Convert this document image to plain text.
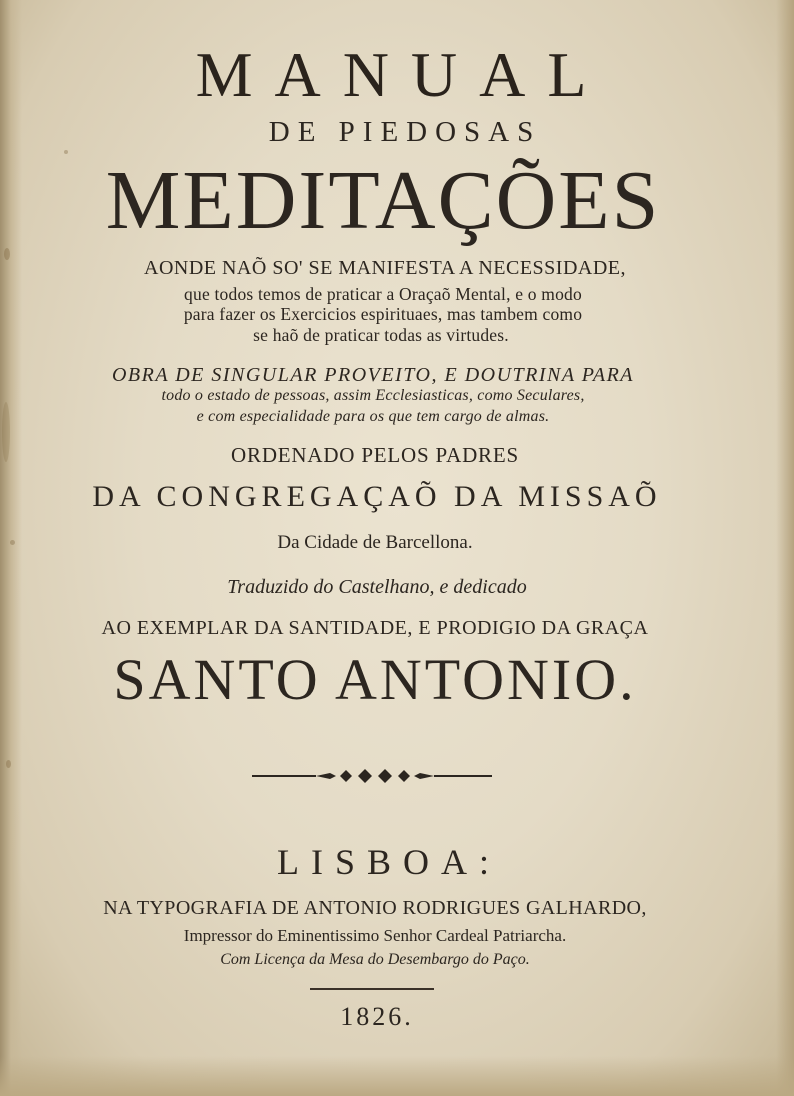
MANUAL
DE PIEDOSAS
MEDITAÇÕES
AONDE NAÕ SO' SE MANIFESTA A NECESSIDADE,
que todos temos de praticar a Oraçaõ Mental, e o modo
para fazer os Exercicios espirituaes, mas tambem como
se haõ de praticar todas as virtudes.
OBRA DE SINGULAR PROVEITO, E DOUTRINA PARA
todo o estado de pessoas, assim Ecclesiasticas, como Seculares,
e com especialidade para os que tem cargo de almas.
ORDENADO PELOS PADRES
DA CONGREGAÇAÕ DA MISSAÕ
Da Cidade de Barcellona.
Traduzido do Castelhano, e dedicado
AO EXEMPLAR DA SANTIDADE, E PRODIGIO DA GRAÇA
SANTO ANTONIO.
LISBOA:
NA TYPOGRAFIA DE ANTONIO RODRIGUES GALHARDO,
Impressor do Eminentissimo Senhor Cardeal Patriarcha.
Com Licença da Mesa do Desembargo do Paço.
1826.
